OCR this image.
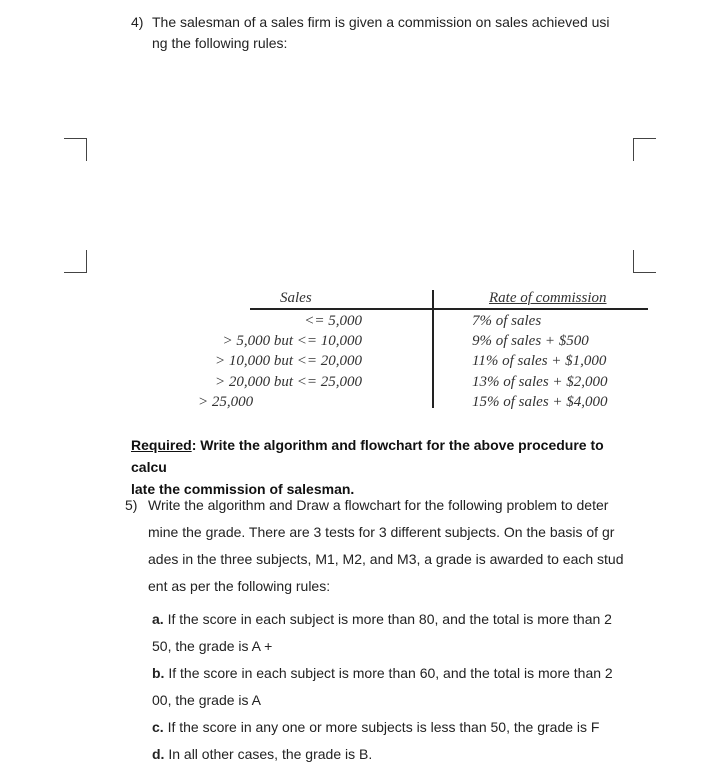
4) The salesman of a sales firm is given a commission on sales achieved usi
ng the following rules:
Sales	Rate of commission
<= 5,000
> 5,000 but <= 10,000
> 10,000 but <= 20,000
> 20,000 but <= 25,000
> 25,000
7% of sales
9% of sales + $500
11% of sales + $1,000
13% of sales + $2,000
15% of sales + $4,000
Required: Write the algorithm and flowchart for the above procedure to calcu
late the commission of salesman.
5) Write the algorithm and Draw a flowchart for the following problem to deter
mine the grade. There are 3 tests for 3 different subjects. On the basis of gr
ades in the three subjects, M1, M2, and M3, a grade is awarded to each stud
ent as per the following rules:
a. If the score in each subject is more than 80, and the total is more than 2
50, the grade is A +
b. If the score in each subject is more than 60, and the total is more than 2
00, the grade is A
c. If the score in any one or more subjects is less than 50, the grade is F
d. In all other cases, the grade is B.
